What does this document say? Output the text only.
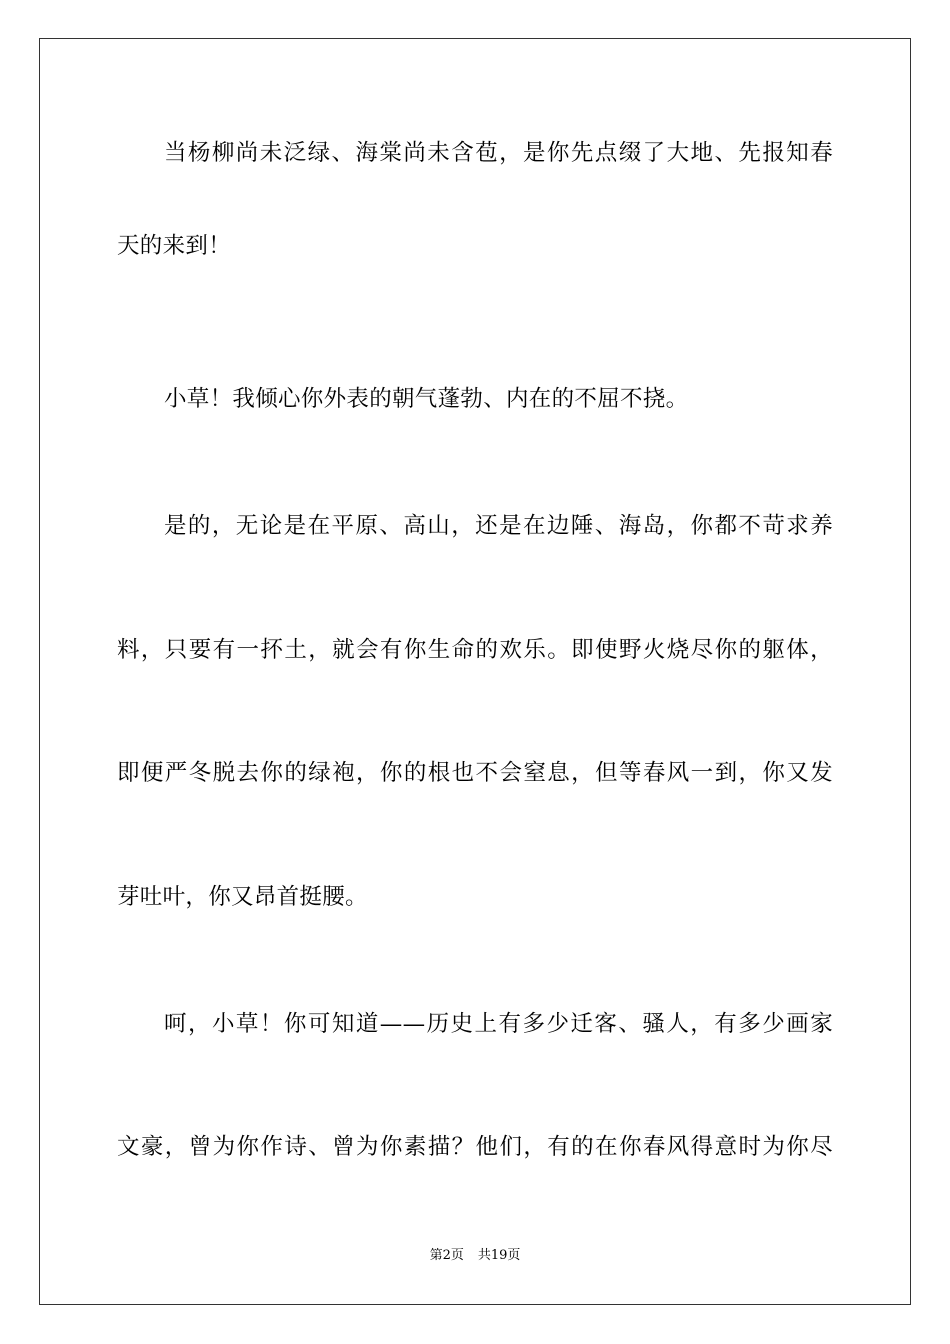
当杨柳尚未泛绿、海棠尚未含苞，是你先点缀了大地、先报知春
天的来到！
小草！我倾心你外表的朝气蓬勃、内在的不屈不挠。
是的，无论是在平原、高山，还是在边陲、海岛，你都不苛求养
料，只要有一抔土，就会有你生命的欢乐。即使野火烧尽你的躯体，
即便严冬脱去你的绿袍，你的根也不会窒息，但等春风一到，你又发
芽吐叶，你又昂首挺腰。
呵，小草！你可知道——历史上有多少迁客、骚人，有多少画家
文豪，曾为你作诗、曾为你素描？他们，有的在你春风得意时为你尽
第2页 共19页
